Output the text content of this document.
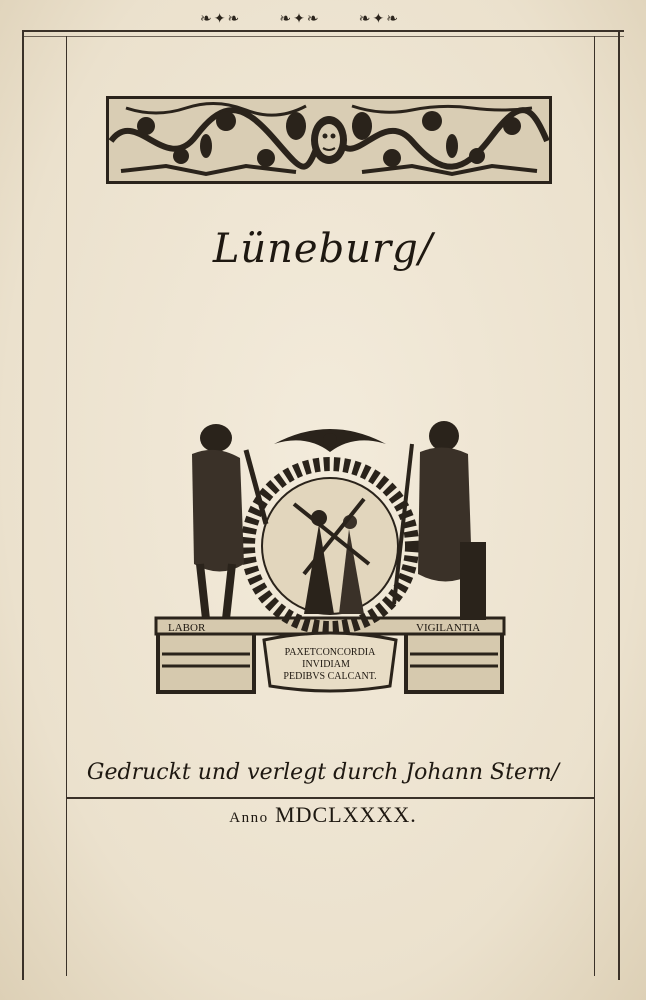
❧✦❧	❧✦❧	❧✦❧
Lüneburg/
LABOR	VIGILANTIA
PAXETCONCORDIA
INVIDIAM
PEDIBVS CALCANT.
Gedruckt und verlegt durch Johann Stern/
Anno MDCLXXXX.
